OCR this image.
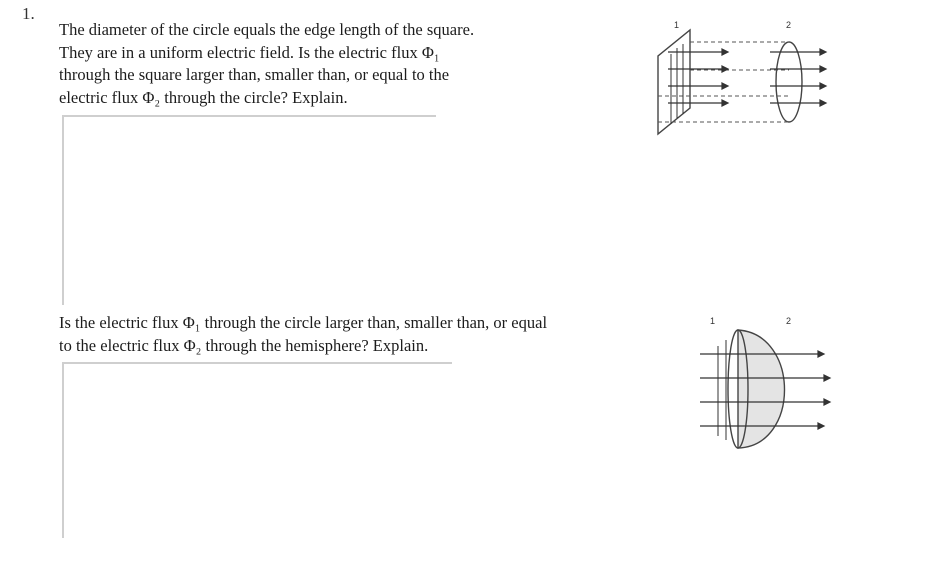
1.

The diameter of the circle equals the edge length of the square.
They are in a uniform electric field. Is the electric flux Φ₁
through the square larger than, smaller than, or equal to the
electric flux Φ₂ through the circle? Explain.

1	2

Is the electric flux Φ₁ through the circle larger than, smaller than, or equal
to the electric flux Φ₂ through the hemisphere? Explain.

1	2
